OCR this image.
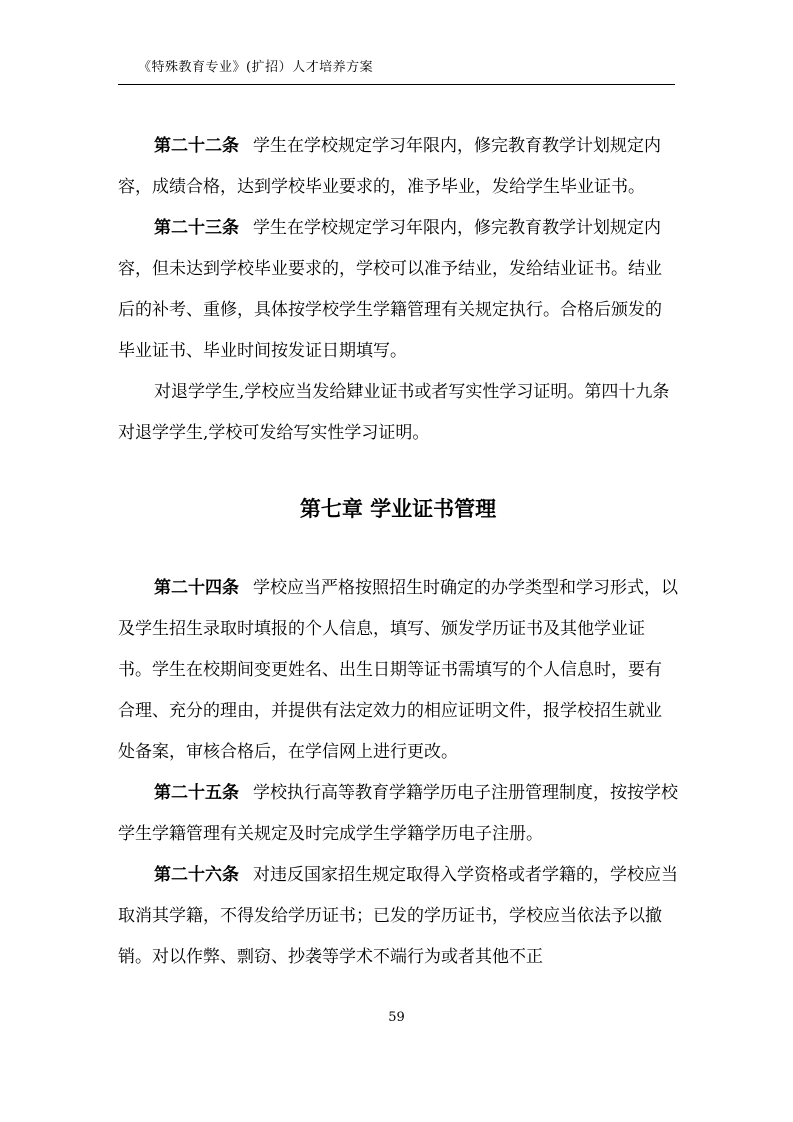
《特殊教育专业》(扩招）人才培养方案

第二十二条 学生在学校规定学习年限内，修完教育教学计划规定内容，成绩合格，达到学校毕业要求的，准予毕业，发给学生毕业证书。

第二十三条 学生在学校规定学习年限内，修完教育教学计划规定内容，但未达到学校毕业要求的，学校可以准予结业，发给结业证书。结业后的补考、重修，具体按学校学生学籍管理有关规定执行。合格后颁发的毕业证书、毕业时间按发证日期填写。

对退学学生,学校应当发给肄业证书或者写实性学习证明。第四十九条 对退学学生,学校可发给写实性学习证明。

第七章 学业证书管理

第二十四条 学校应当严格按照招生时确定的办学类型和学习形式，以及学生招生录取时填报的个人信息，填写、颁发学历证书及其他学业证书。学生在校期间变更姓名、出生日期等证书需填写的个人信息时，要有合理、充分的理由，并提供有法定效力的相应证明文件，报学校招生就业处备案，审核合格后，在学信网上进行更改。

第二十五条 学校执行高等教育学籍学历电子注册管理制度，按按学校学生学籍管理有关规定及时完成学生学籍学历电子注册。

第二十六条 对违反国家招生规定取得入学资格或者学籍的，学校应当取消其学籍，不得发给学历证书；已发的学历证书，学校应当依法予以撤销。对以作弊、剽窃、抄袭等学术不端行为或者其他不正

59
